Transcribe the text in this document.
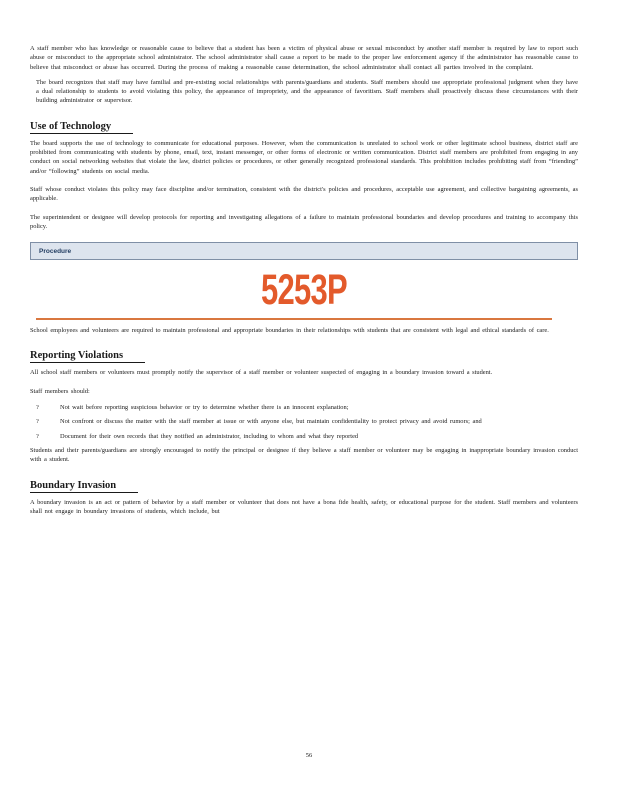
A staff member who has knowledge or reasonable cause to believe that a student has been a victim of physical abuse or sexual misconduct by another staff member is required by law to report such abuse or misconduct to the appropriate school administrator. The school administrator shall cause a report to be made to the proper law enforcement agency if the administrator has reasonable cause to believe that misconduct or abuse has occurred. During the process of making a reasonable cause determination, the school administrator shall contact all parties involved in the complaint.

The board recognizes that staff may have familial and pre-existing social relationships with parents/guardians and students. Staff members should use appropriate professional judgment when they have a dual relationship to students to avoid violating this policy, the appearance of impropriety, and the appearance of favoritism. Staff members shall proactively discuss these circumstances with their building administrator or supervisor.

Use of Technology

The board supports the use of technology to communicate for educational purposes. However, when the communication is unrelated to school work or other legitimate school business, district staff are prohibited from communicating with students by phone, email, text, instant messenger, or other forms of electronic or written communication. District staff members are prohibited from engaging in any conduct on social networking websites that violate the law, district policies or procedures, or other generally recognized professional standards. This prohibition includes prohibiting staff from “friending” and/or “following” students on social media.

Staff whose conduct violates this policy may face discipline and/or termination, consistent with the district's policies and procedures, acceptable use agreement, and collective bargaining agreements, as applicable.

The superintendent or designee will develop protocols for reporting and investigating allegations of a failure to maintain professional boundaries and develop procedures and training to accompany this policy.

Procedure
5253P

School employees and volunteers are required to maintain professional and appropriate boundaries in their relationships with students that are consistent with legal and ethical standards of care.

Reporting Violations

All school staff members or volunteers must promptly notify the supervisor of a staff member or volunteer suspected of engaging in a boundary invasion toward a student.

Staff members should:

?	Not wait before reporting suspicious behavior or try to determine whether there is an innocent explanation;
?	Not confront or discuss the matter with the staff member at issue or with anyone else, but maintain confidentiality to protect privacy and avoid rumors; and
?	Document for their own records that they notified an administrator, including to whom and what they reported

Students and their parents/guardians are strongly encouraged to notify the principal or designee if they believe a staff member or volunteer may be engaging in inappropriate boundary invasion conduct with a student.

Boundary Invasion

A boundary invasion is an act or pattern of behavior by a staff member or volunteer that does not have a bona fide health, safety, or educational purpose for the student. Staff members and volunteers shall not engage in boundary invasions of students, which include, but

56
